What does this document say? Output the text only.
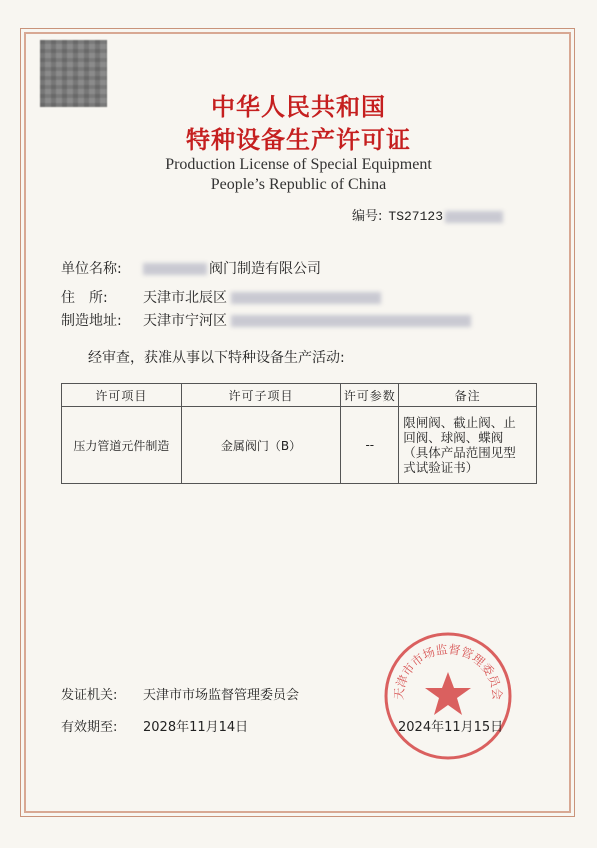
中华人民共和国
特种设备生产许可证
Production License of Special Equipment
People’s Republic of China
编号: TS27123
单位名称:	阀门制造有限公司
住　所:	天津市北辰区
制造地址: 天津市宁河区
经审查，获准从事以下特种设备生产活动:
许可项目	许可子项目	许可参数	备注
压力管道元件制造	金属阀门（B）	--	限闸阀、截止阀、止
回阀、球阀、蝶阀
（具体产品范围见型
式试验证书）
发证机关: 天津市市场监督管理委员会
有效期至: 2028年11月14日
天津市市场监督管理委员会
2024年11月15日
